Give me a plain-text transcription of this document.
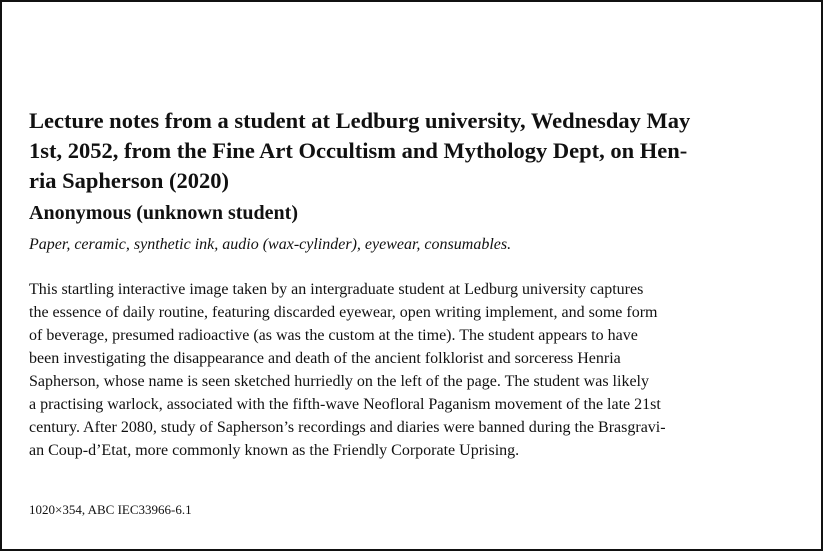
Lecture notes from a student at Ledburg university, Wednesday May
1st, 2052, from the Fine Art Occultism and Mythology Dept, on Hen-
ria Sapherson (2020)
Anonymous (unknown student)

Paper, ceramic, synthetic ink, audio (wax-cylinder), eyewear, consumables.

This startling interactive image taken by an intergraduate student at Ledburg university captures
the essence of daily routine, featuring discarded eyewear, open writing implement, and some form
of beverage, presumed radioactive (as was the custom at the time). The student appears to have
been investigating the disappearance and death of the ancient folklorist and sorceress Henria
Sapherson, whose name is seen sketched hurriedly on the left of the page. The student was likely
a practising warlock, associated with the fifth-wave Neofloral Paganism movement of the late 21st
century. After 2080, study of Sapherson’s recordings and diaries were banned during the Brasgravi-
an Coup-d’Etat, more commonly known as the Friendly Corporate Uprising.

1020×354, ABC IEC33966-6.1
